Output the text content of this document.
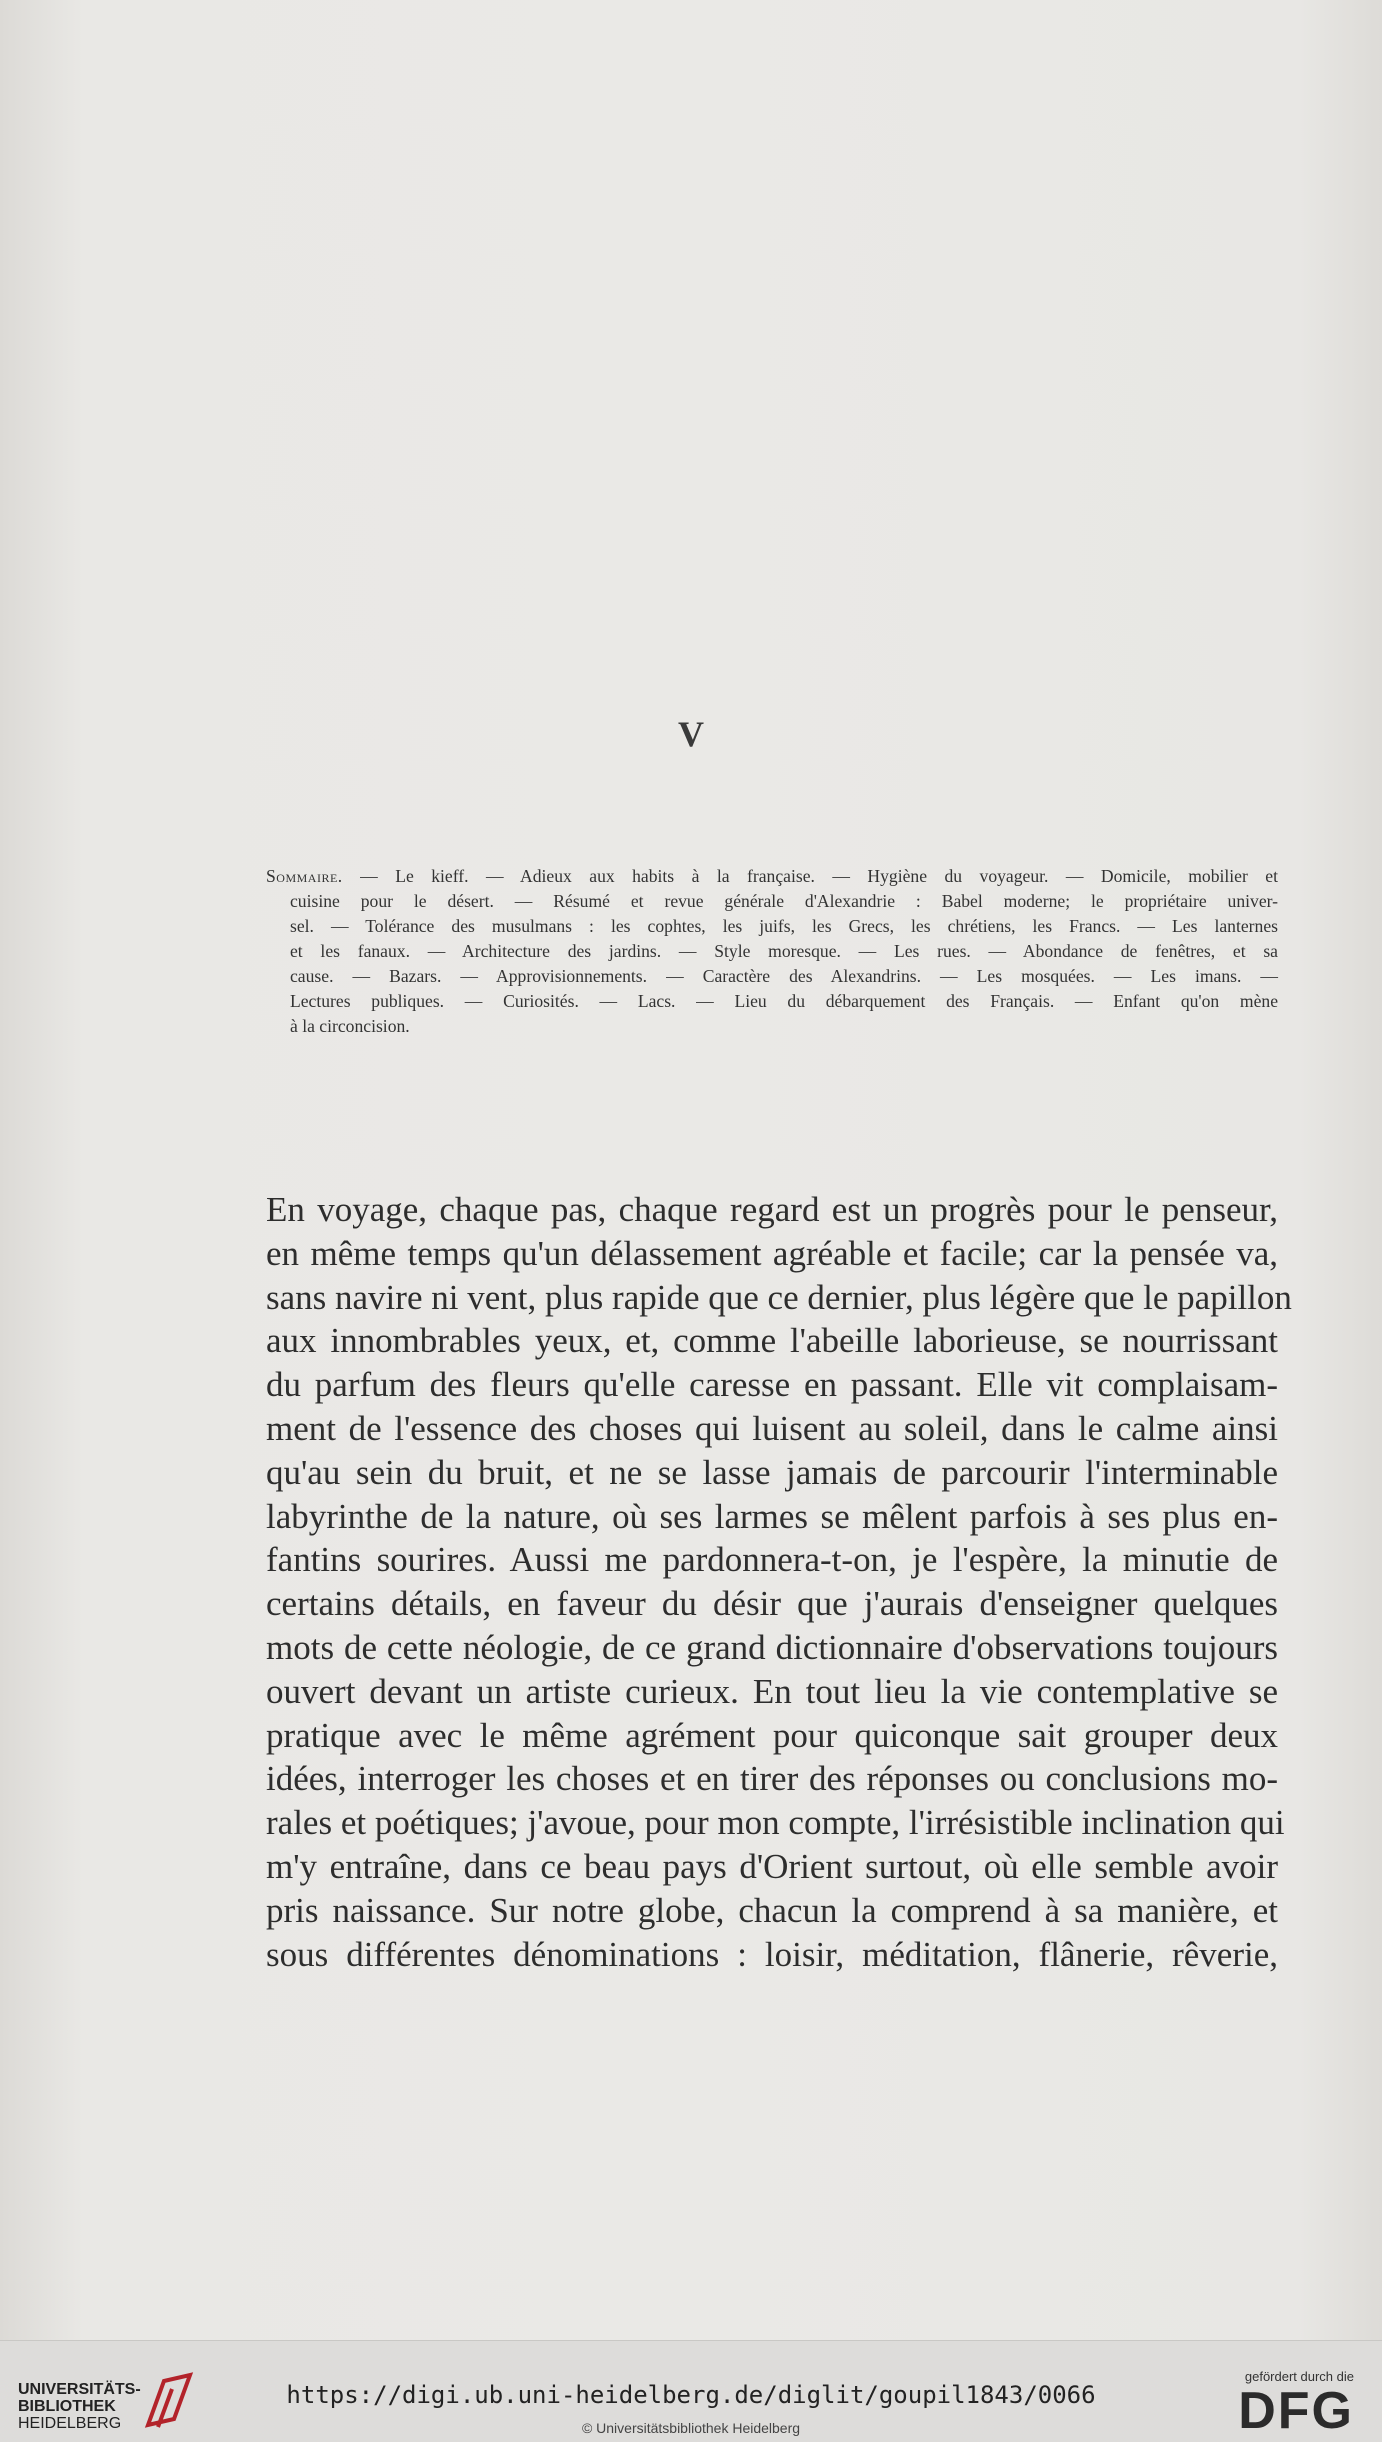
V
Sommaire. — Le kieff. — Adieux aux habits à la française. — Hygiène du voyageur. — Domicile, mobilier et
cuisine pour le désert. — Résumé et revue générale d'Alexandrie : Babel moderne; le propriétaire univer-
sel. — Tolérance des musulmans : les cophtes, les juifs, les Grecs, les chrétiens, les Francs. — Les lanternes
et les fanaux. — Architecture des jardins. — Style moresque. — Les rues. — Abondance de fenêtres, et sa
cause. — Bazars. — Approvisionnements. — Caractère des Alexandrins. — Les mosquées. — Les imans. —
Lectures publiques. — Curiosités. — Lacs. — Lieu du débarquement des Français. — Enfant qu'on mène
à la circoncision.
En voyage, chaque pas, chaque regard est un progrès pour le penseur,
en même temps qu'un délassement agréable et facile; car la pensée va,
sans navire ni vent, plus rapide que ce dernier, plus légère que le papillon
aux innombrables yeux, et, comme l'abeille laborieuse, se nourrissant
du parfum des fleurs qu'elle caresse en passant. Elle vit complaisam-
ment de l'essence des choses qui luisent au soleil, dans le calme ainsi
qu'au sein du bruit, et ne se lasse jamais de parcourir l'interminable
labyrinthe de la nature, où ses larmes se mêlent parfois à ses plus en-
fantins sourires. Aussi me pardonnera-t-on, je l'espère, la minutie de
certains détails, en faveur du désir que j'aurais d'enseigner quelques
mots de cette néologie, de ce grand dictionnaire d'observations toujours
ouvert devant un artiste curieux. En tout lieu la vie contemplative se
pratique avec le même agrément pour quiconque sait grouper deux
idées, interroger les choses et en tirer des réponses ou conclusions mo-
rales et poétiques; j'avoue, pour mon compte, l'irrésistible inclination qui
m'y entraîne, dans ce beau pays d'Orient surtout, où elle semble avoir
pris naissance. Sur notre globe, chacun la comprend à sa manière, et
sous différentes dénominations : loisir, méditation, flânerie, rêverie,
UNIVERSITÄTS-
BIBLIOTHEK
HEIDELBERG
https://digi.ub.uni-heidelberg.de/diglit/goupil1843/0066
© Universitätsbibliothek Heidelberg
gefördert durch die
DFG
